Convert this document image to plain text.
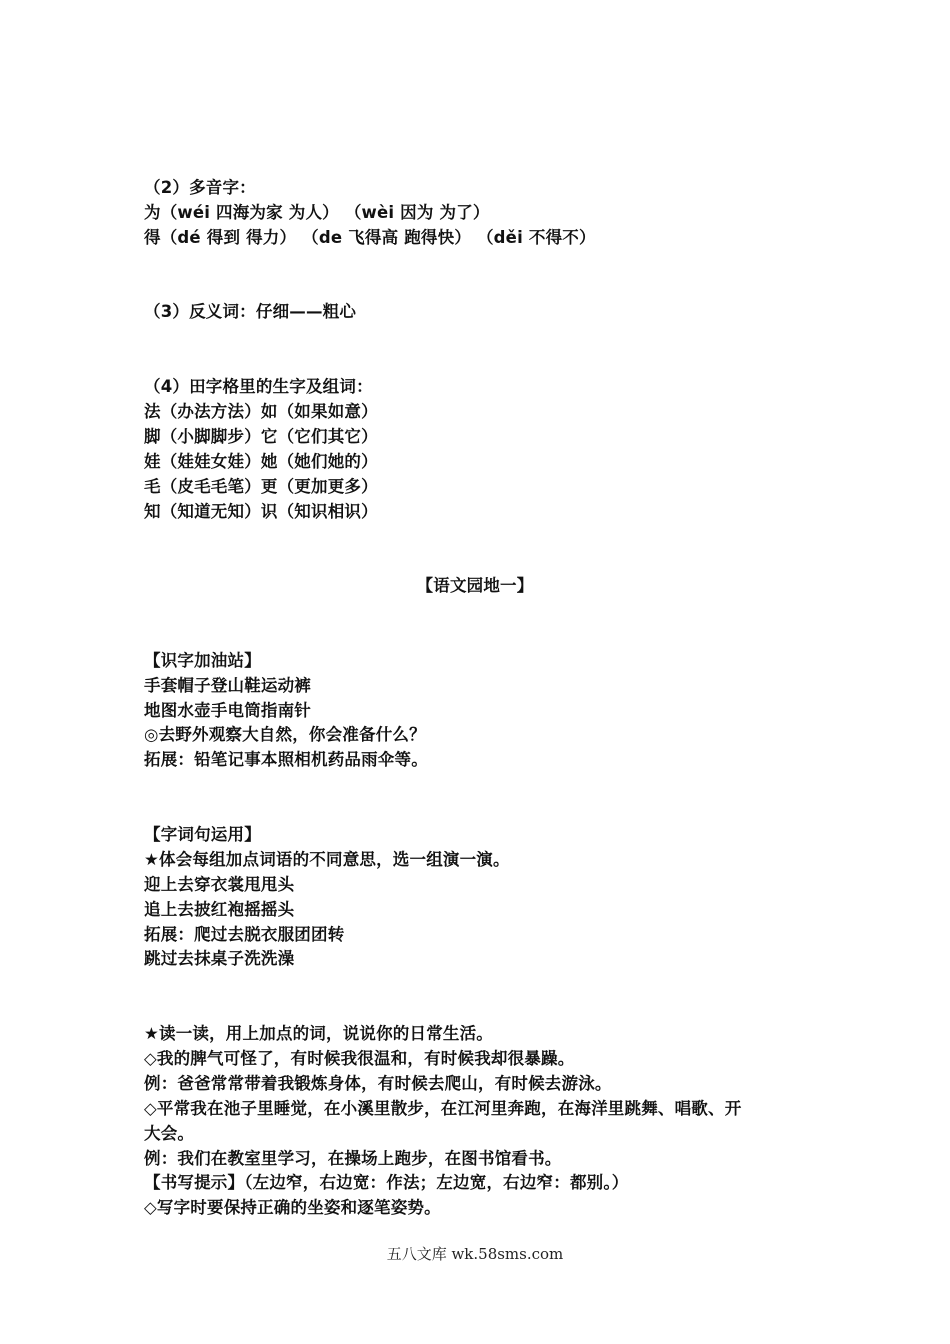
（2）多音字：
为（wéi 四海为家 为人） （wèi 因为 为了）
得（dé 得到 得力） （de 飞得高 跑得快） （děi 不得不）
（3）反义词：仔细——粗心
（4）田字格里的生字及组词：
法（办法方法）如（如果如意）
脚（小脚脚步）它（它们其它）
娃（娃娃女娃）她（她们她的）
毛（皮毛毛笔）更（更加更多）
知（知道无知）识（知识相识）
【语文园地一】
【识字加油站】
手套帽子登山鞋运动裤
地图水壶手电筒指南针
◎去野外观察大自然，你会准备什么？
拓展：铅笔记事本照相机药品雨伞等。
【字词句运用】
★体会每组加点词语的不同意思，选一组演一演。
迎上去穿衣裳甩甩头
追上去披红袍摇摇头
拓展：爬过去脱衣服团团转
跳过去抹桌子洗洗澡
★读一读，用上加点的词，说说你的日常生活。
◇我的脾气可怪了，有时候我很温和，有时候我却很暴躁。
例：爸爸常常带着我锻炼身体，有时候去爬山，有时候去游泳。
◇平常我在池子里睡觉，在小溪里散步，在江河里奔跑，在海洋里跳舞、唱歌、开
大会。
例：我们在教室里学习，在操场上跑步，在图书馆看书。
【书写提示】（左边窄，右边宽：作法；左边宽，右边窄：都别。）
◇写字时要保持正确的坐姿和逐笔姿势。
五八文库 wk.58sms.com
